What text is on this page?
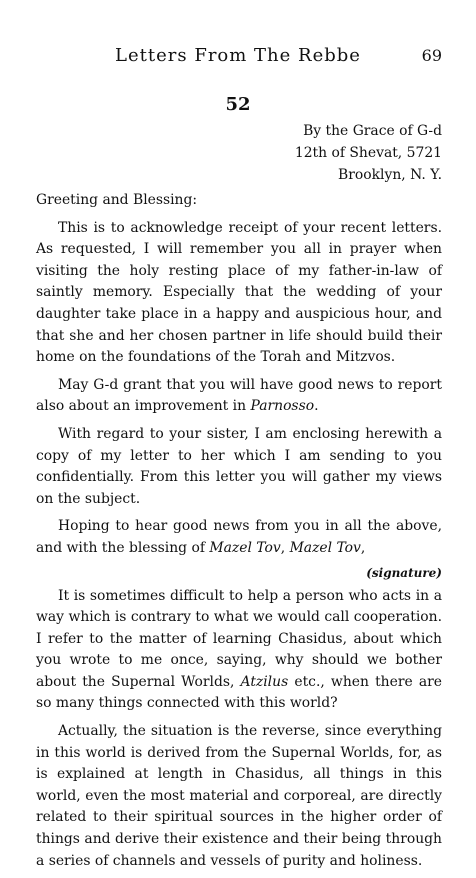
Letters From The Rebbe	69
52
By the Grace of G-d
12th of Shevat, 5721
Brooklyn, N. Y.
Greeting and Blessing:

This is to acknowledge receipt of your recent letters. As requested, I will remember you all in prayer when visiting the holy resting place of my father-in-law of saintly memory. Especially that the wedding of your daughter take place in a happy and auspicious hour, and that she and her chosen partner in life should build their home on the foundations of the Torah and Mitzvos.

May G-d grant that you will have good news to report also about an improvement in Parnosso.

With regard to your sister, I am enclosing herewith a copy of my letter to her which I am sending to you confidentially. From this letter you will gather my views on the subject.

Hoping to hear good news from you in all the above, and with the blessing of Mazel Tov, Mazel Tov,

(signature)

It is sometimes difficult to help a person who acts in a way which is contrary to what we would call cooperation. I refer to the matter of learning Chasidus, about which you wrote to me once, saying, why should we bother about the Supernal Worlds, Atzilus etc., when there are so many things connected with this world?

Actually, the situation is the reverse, since everything in this world is derived from the Supernal Worlds, for, as is explained at length in Chasidus, all things in this world, even the most material and corporeal, are directly related to their spiritual sources in the higher order of things and derive their existence and their being through a series of channels and vessels of purity and holiness.
